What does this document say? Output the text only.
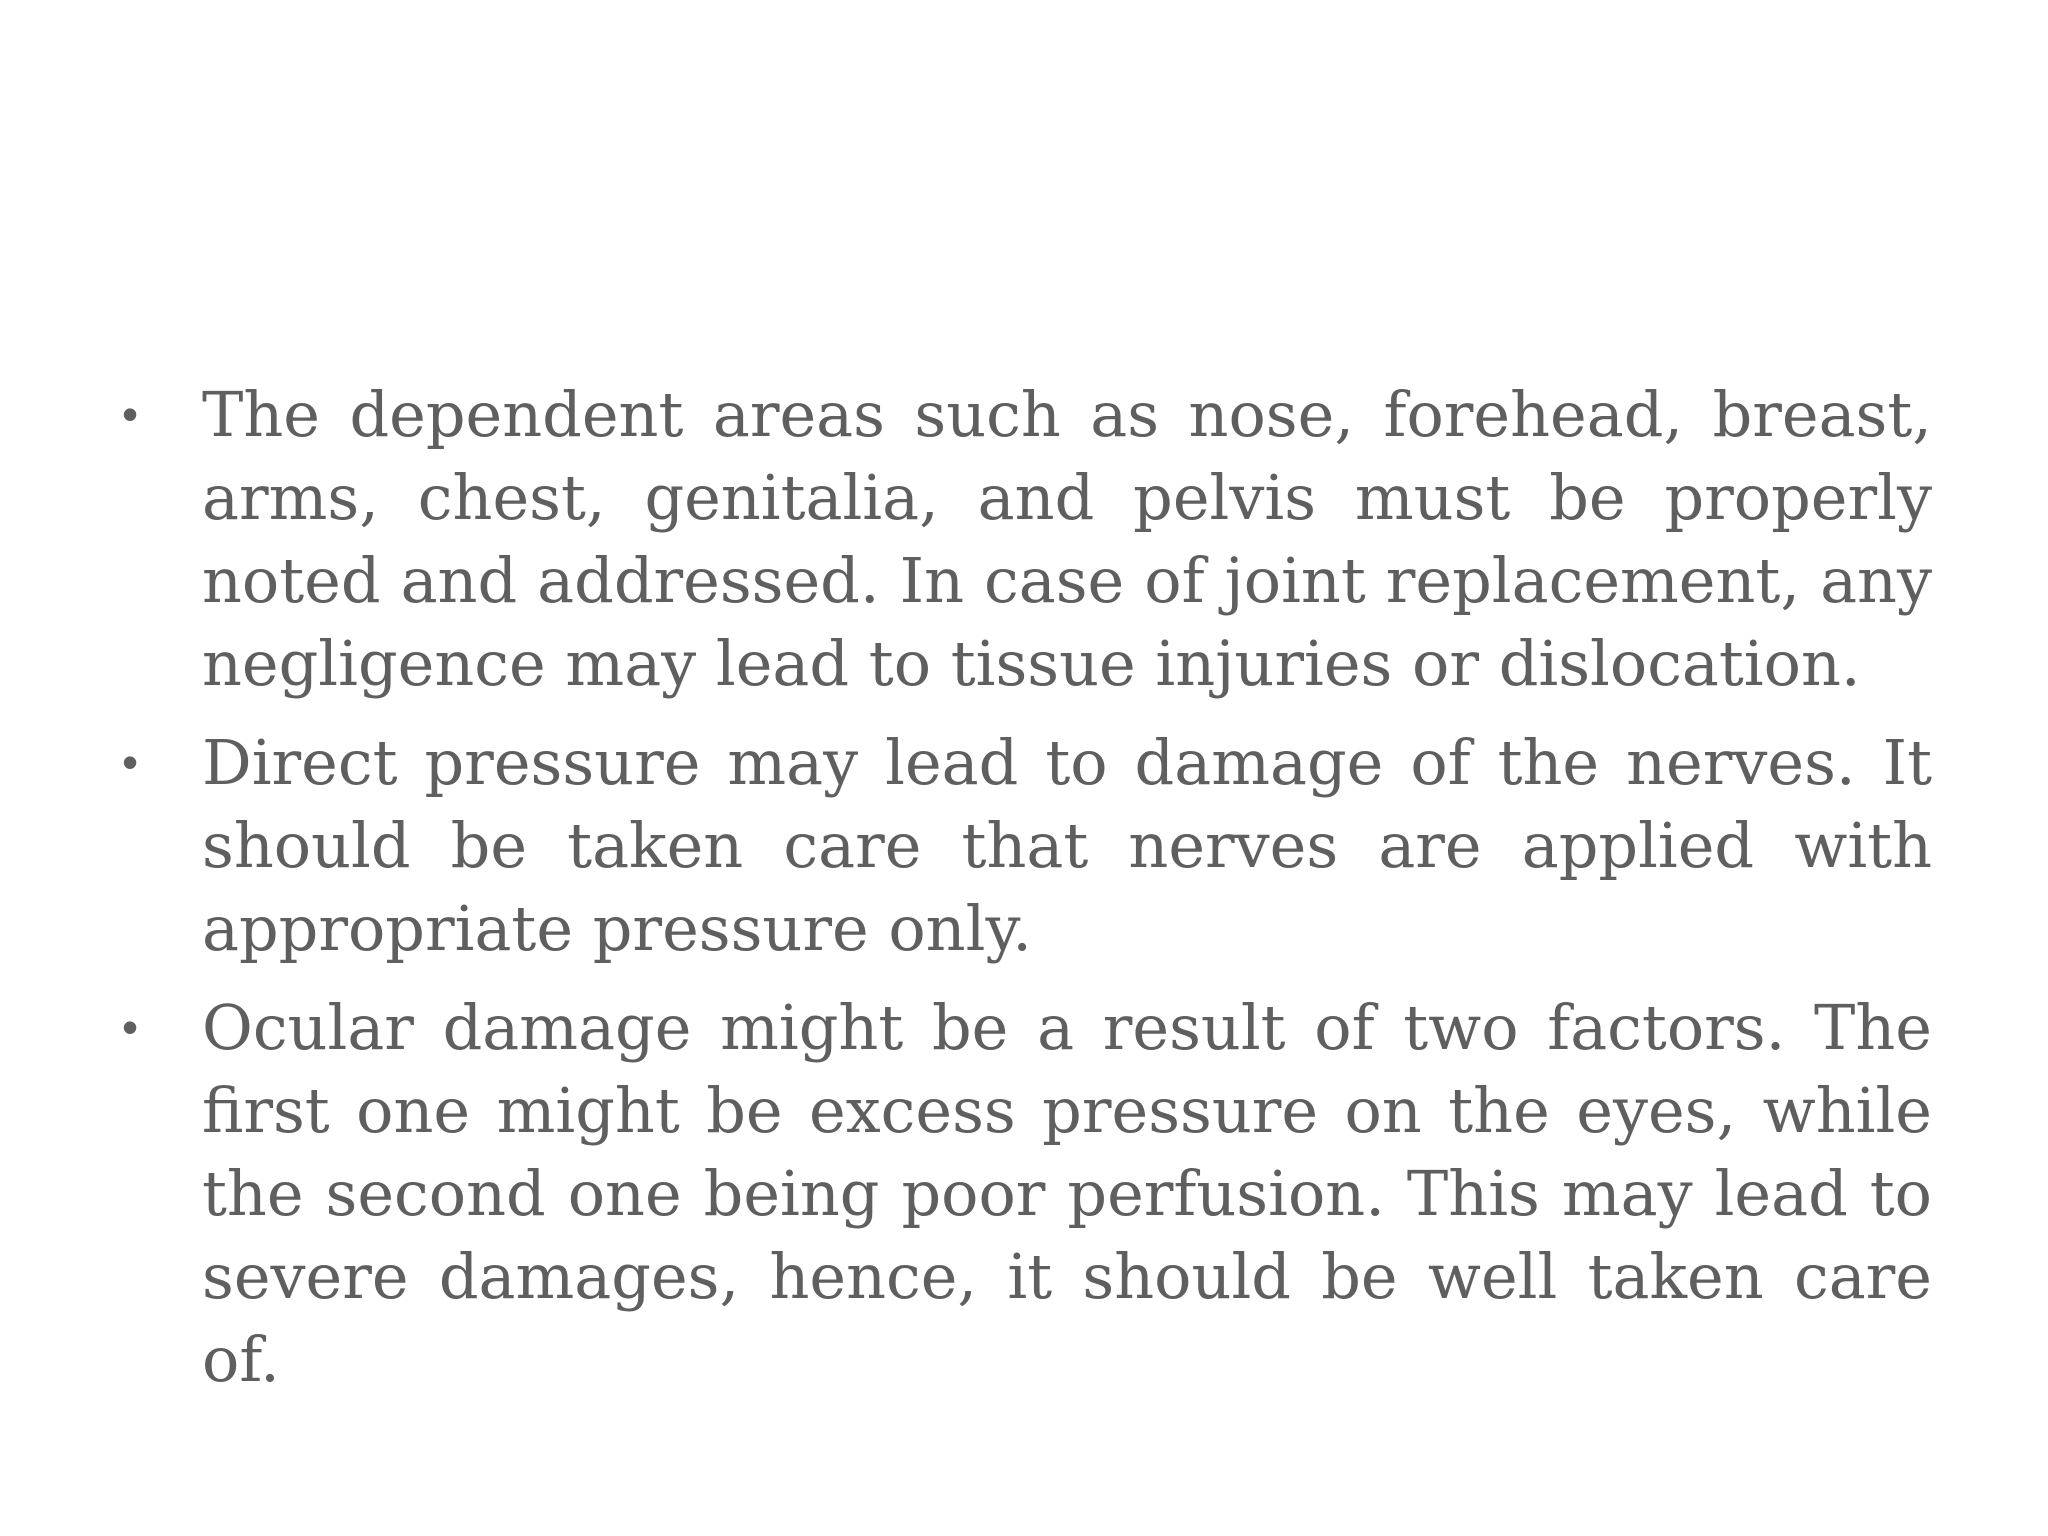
•	The dependent areas such as nose, forehead, breast, arms, chest, genitalia, and pelvis must be properly noted and addressed. In case of joint replacement, any negligence may lead to tissue injuries or dislocation.
•	Direct pressure may lead to damage of the nerves. It should be taken care that nerves are applied with appropriate pressure only.
•	Ocular damage might be a result of two factors. The first one might be excess pressure on the eyes, while the second one being poor perfusion. This may lead to severe damages, hence, it should be well taken care of.
